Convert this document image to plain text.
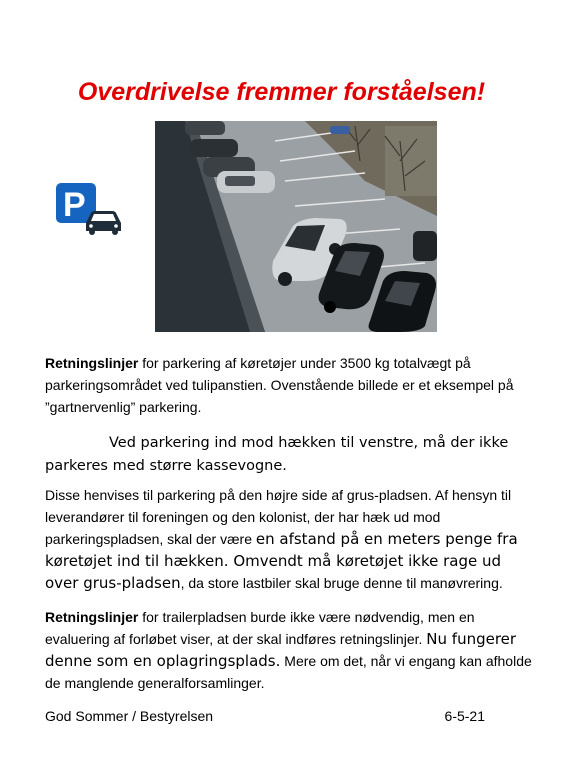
Overdrivelse fremmer forståelsen!
P
Retningslinjer for parkering af køretøjer under 3500 kg totalvægt på parkeringsområdet ved tulipanstien. Ovenstående billede er et eksempel på ”gartnervenlig” parkering.
Ved parkering ind mod hækken til venstre, må der ikke parkeres med større kassevogne.
Disse henvises til parkering på den højre side af grus-pladsen. Af hensyn til leverandører til foreningen og den kolonist, der har hæk ud mod parkeringspladsen, skal der være en afstand på en meters penge fra køretøjet ind til hækken. Omvendt må køretøjet ikke rage ud over grus-pladsen, da store lastbiler skal bruge denne til manøvrering.
Retningslinjer for trailerpladsen burde ikke være nødvendig, men en evaluering af forløbet viser, at der skal indføres retningslinjer. Nu fungerer denne som en oplagringsplads. Mere om det, når vi engang kan afholde de manglende generalforsamlinger.
God Sommer / Bestyrelsen	6-5-21
